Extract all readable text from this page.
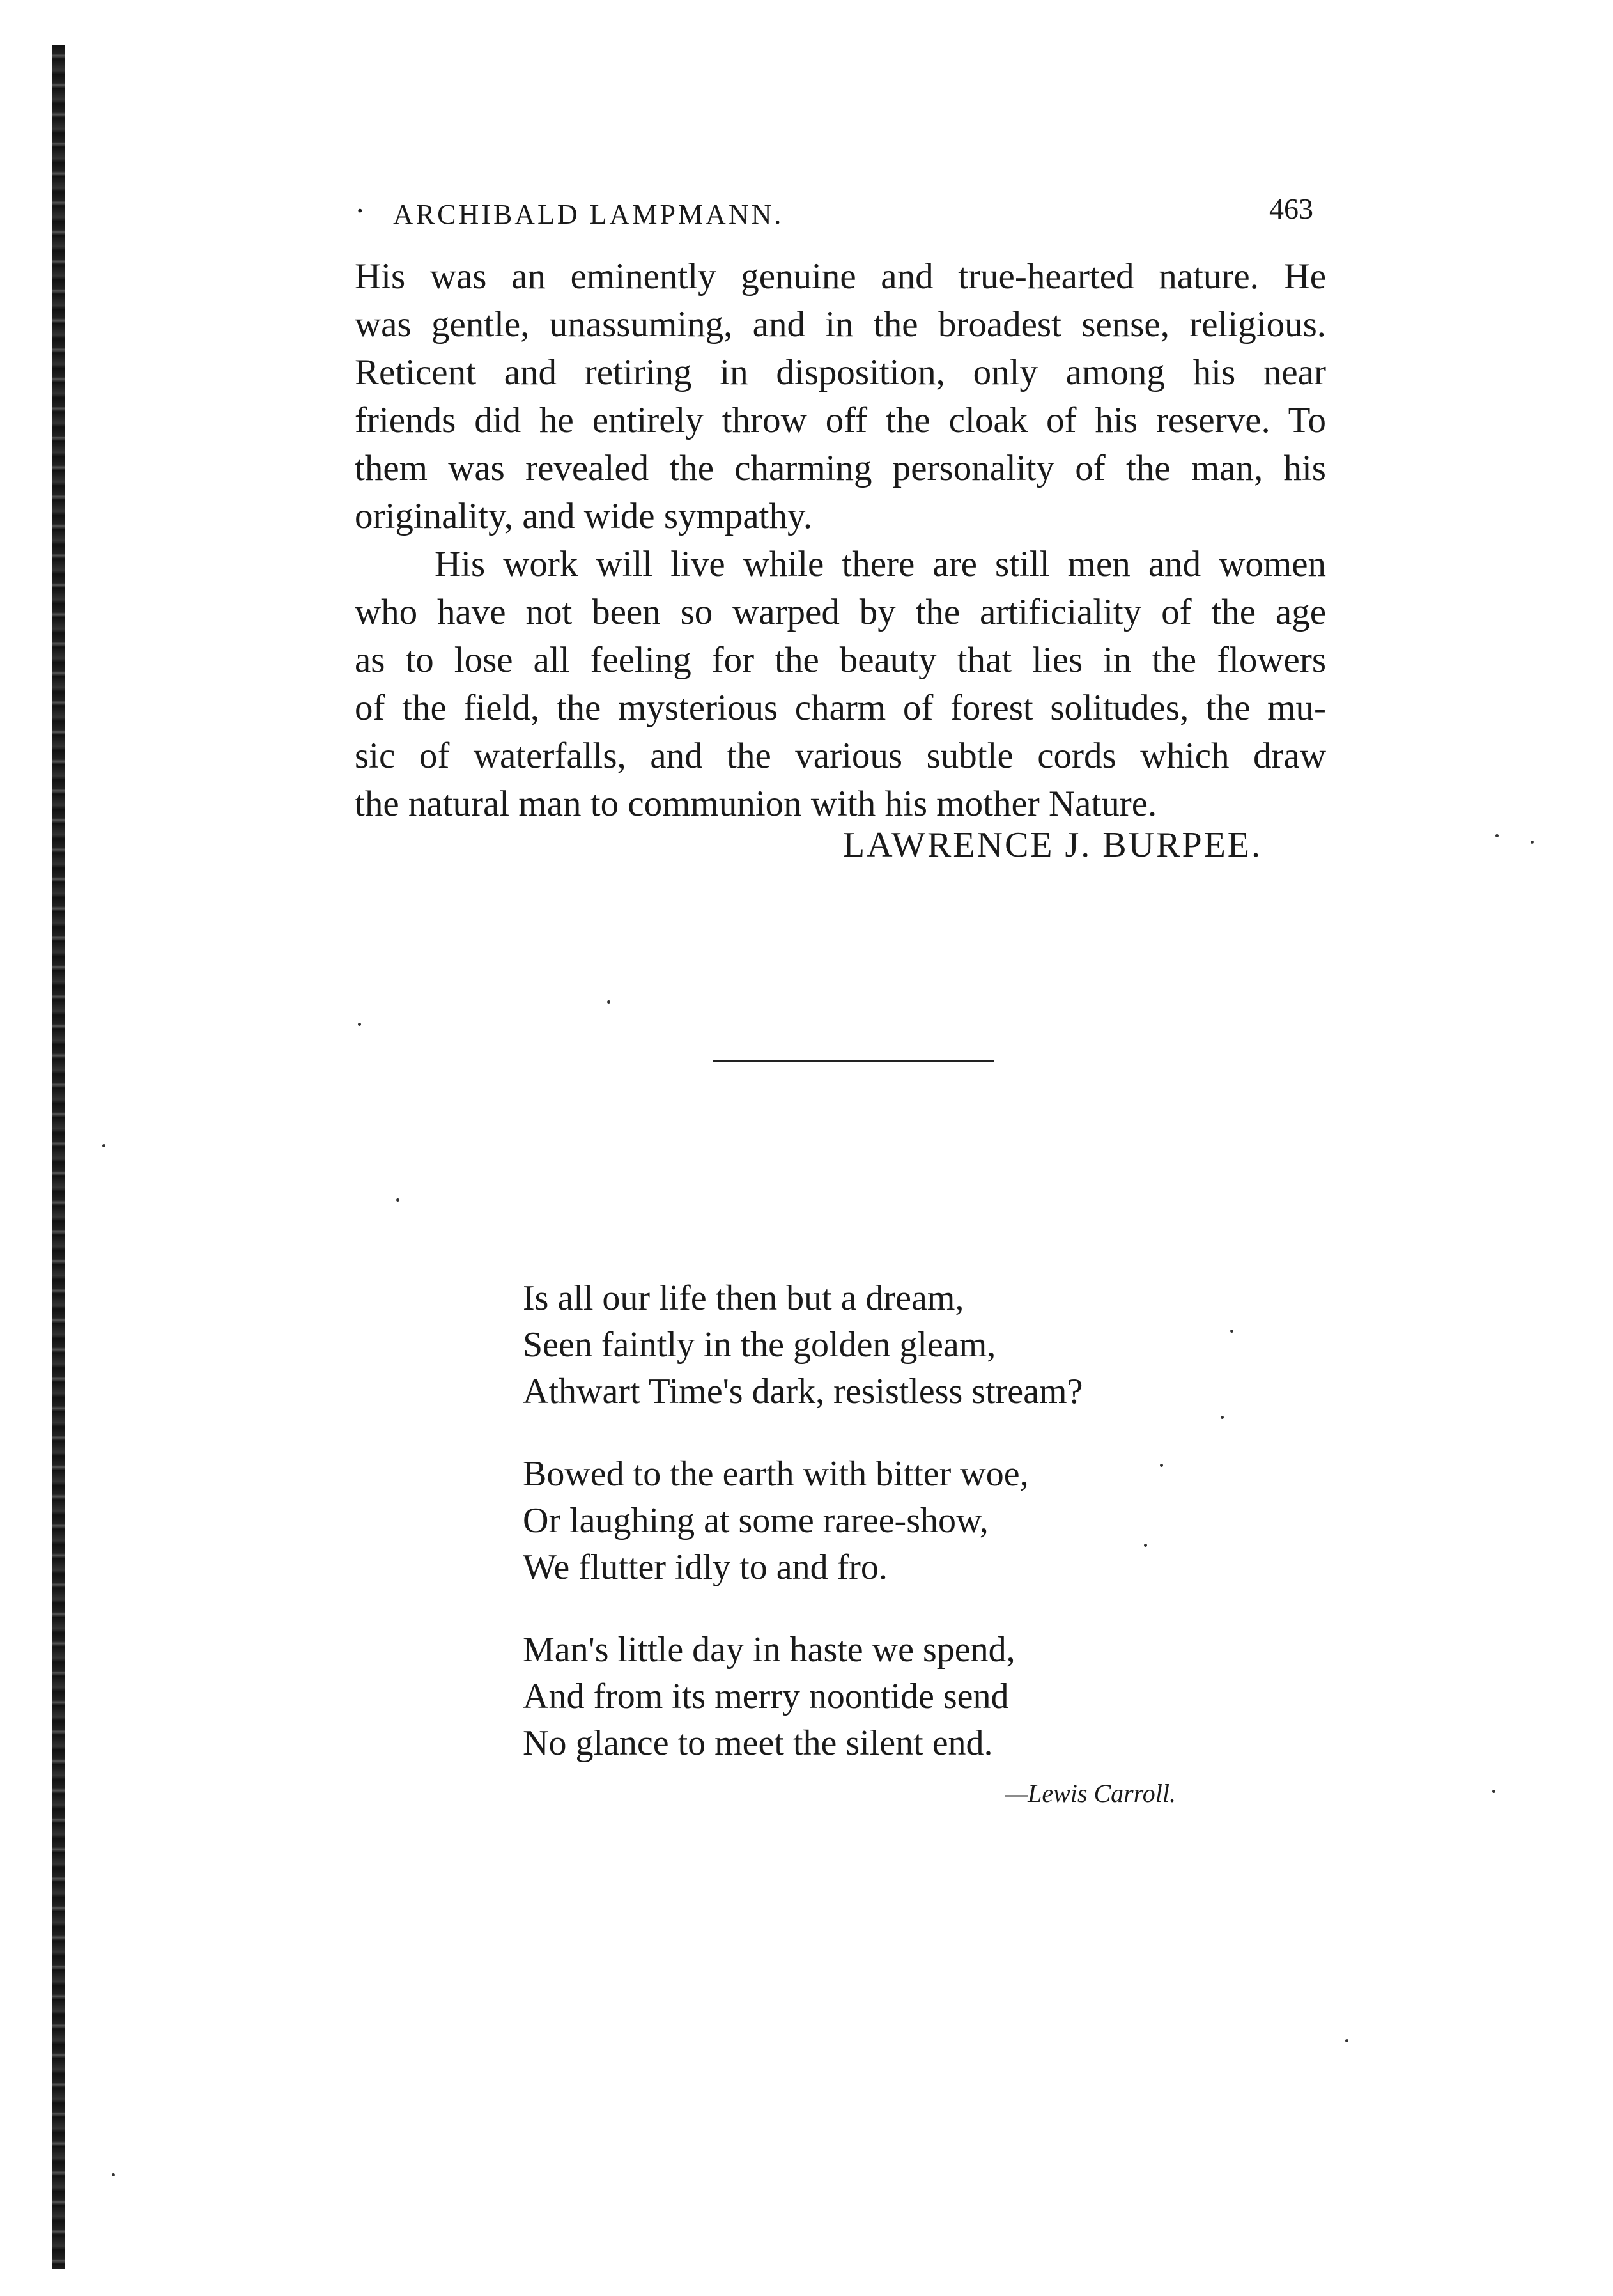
· ARCHIBALD LAMPMANN.	463
His was an eminently genuine and true-hearted nature. He
was gentle, unassuming, and in the broadest sense, religious.
Reticent and retiring in disposition, only among his near
friends did he entirely throw off the cloak of his reserve. To
them was revealed the charming personality of the man, his
originality, and wide sympathy.
His work will live while there are still men and women
who have not been so warped by the artificiality of the age
as to lose all feeling for the beauty that lies in the flowers
of the field, the mysterious charm of forest solitudes, the mu-
sic of waterfalls, and the various subtle cords which draw
the natural man to communion with his mother Nature.
LAWRENCE J. BURPEE.
Is all our life then but a dream,
Seen faintly in the golden gleam,
Athwart Time's dark, resistless stream?
Bowed to the earth with bitter woe,
Or laughing at some raree-show,
We flutter idly to and fro.
Man's little day in haste we spend,
And from its merry noontide send
No glance to meet the silent end.
—Lewis Carroll.
